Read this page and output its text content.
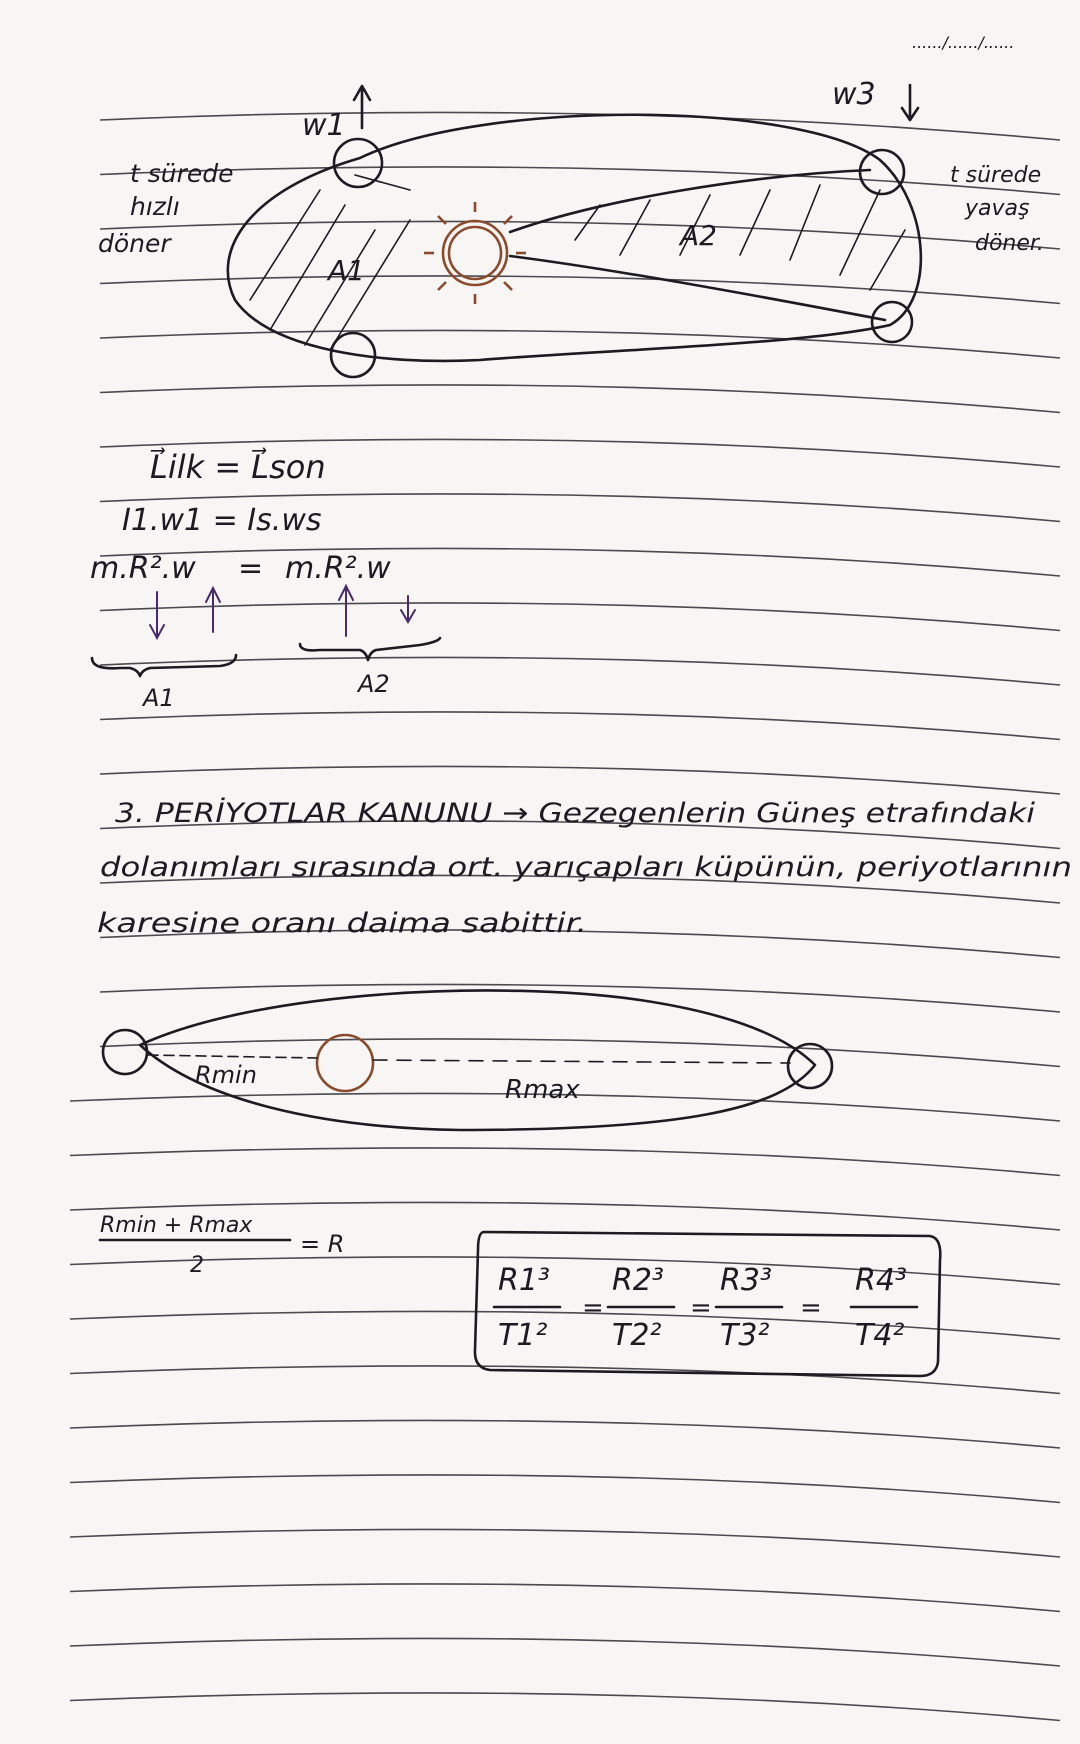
....../....../......
w1
w3
t sürede hızlı döner
t sürede yavaş döner.
A1
A2
L⃗ilk = L⃗son
I1.w1 = Is.ws
m.R².w = m.R².w
A1	A2
3. PERİYOTLAR KANUNU → Gezegenlerin Güneş etrafındaki
dolanımları sırasında ort. yarıçapları küpünün, periyotlarının
karesine oranı daima sabittir.
Rmin	Rmax
Rmin + Rmax
2
= R
R1³
T1²
=
R2³
T2²
=
R3³
T3²
=
R4³
T4²
